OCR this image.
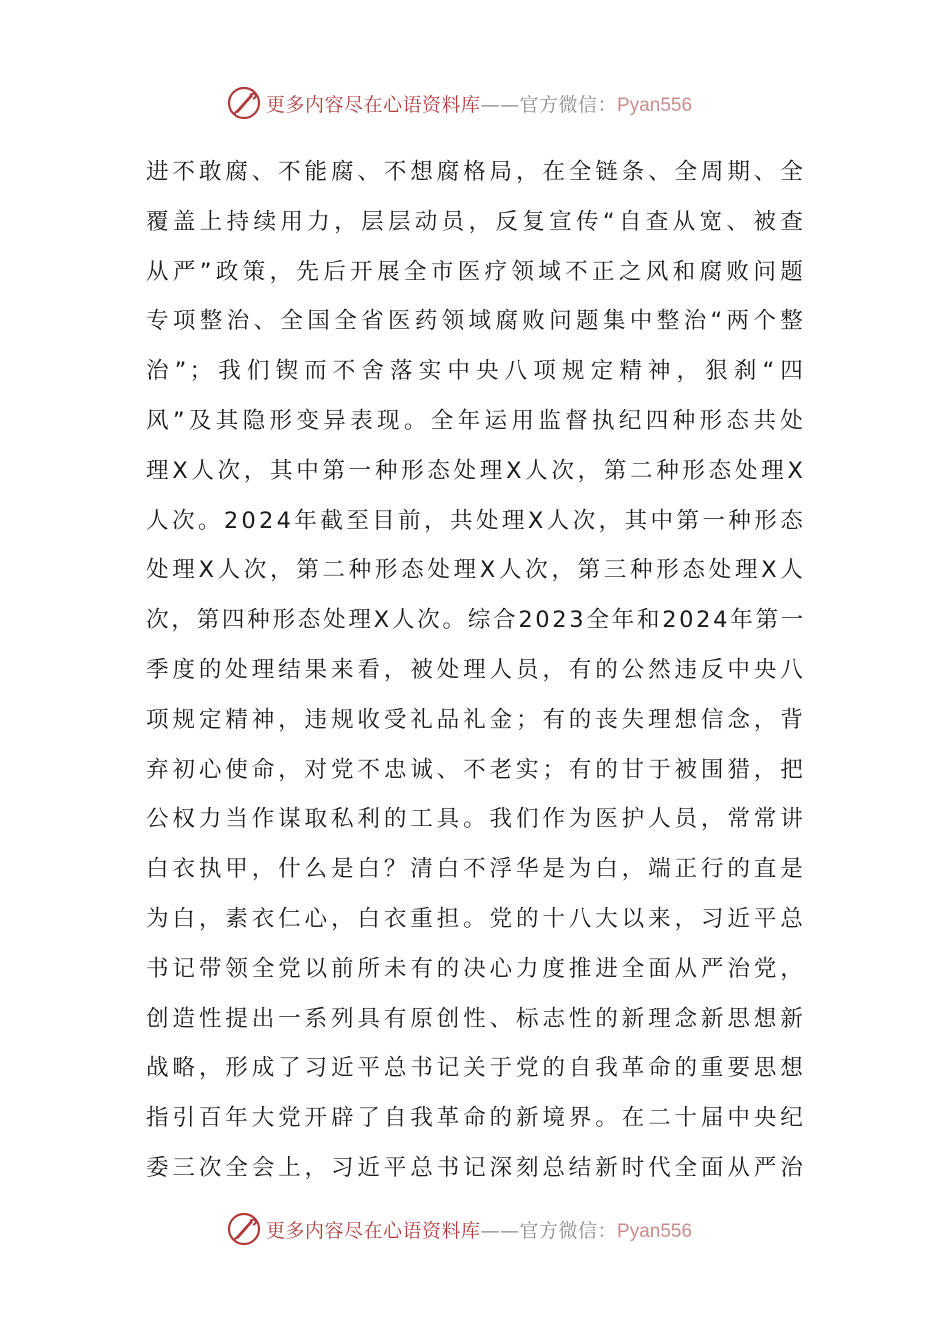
更多内容尽在心语资料库——官方微信：Pyan556
进不敢腐、不能腐、不想腐格局，在全链条、全周期、全
覆盖上持续用力，层层动员，反复宣传“自查从宽、被查
从严”政策，先后开展全市医疗领域不正之风和腐败问题
专项整治、全国全省医药领域腐败问题集中整治“两个整
治”；我们锲而不舍落实中央八项规定精神，狠刹“四
风”及其隐形变异表现。全年运用监督执纪四种形态共处
理X人次，其中第一种形态处理X人次，第二种形态处理X
人次。2024年截至目前，共处理X人次，其中第一种形态
处理X人次，第二种形态处理X人次，第三种形态处理X人
次，第四种形态处理X人次。综合2023全年和2024年第一
季度的处理结果来看，被处理人员，有的公然违反中央八
项规定精神，违规收受礼品礼金；有的丧失理想信念，背
弃初心使命，对党不忠诚、不老实；有的甘于被围猎，把
公权力当作谋取私利的工具。我们作为医护人员，常常讲
白衣执甲，什么是白？清白不浮华是为白，端正行的直是
为白，素衣仁心，白衣重担。党的十八大以来，习近平总
书记带领全党以前所未有的决心力度推进全面从严治党，
创造性提出一系列具有原创性、标志性的新理念新思想新
战略，形成了习近平总书记关于党的自我革命的重要思想
指引百年大党开辟了自我革命的新境界。在二十届中央纪
委三次全会上，习近平总书记深刻总结新时代全面从严治
更多内容尽在心语资料库——官方微信：Pyan556
